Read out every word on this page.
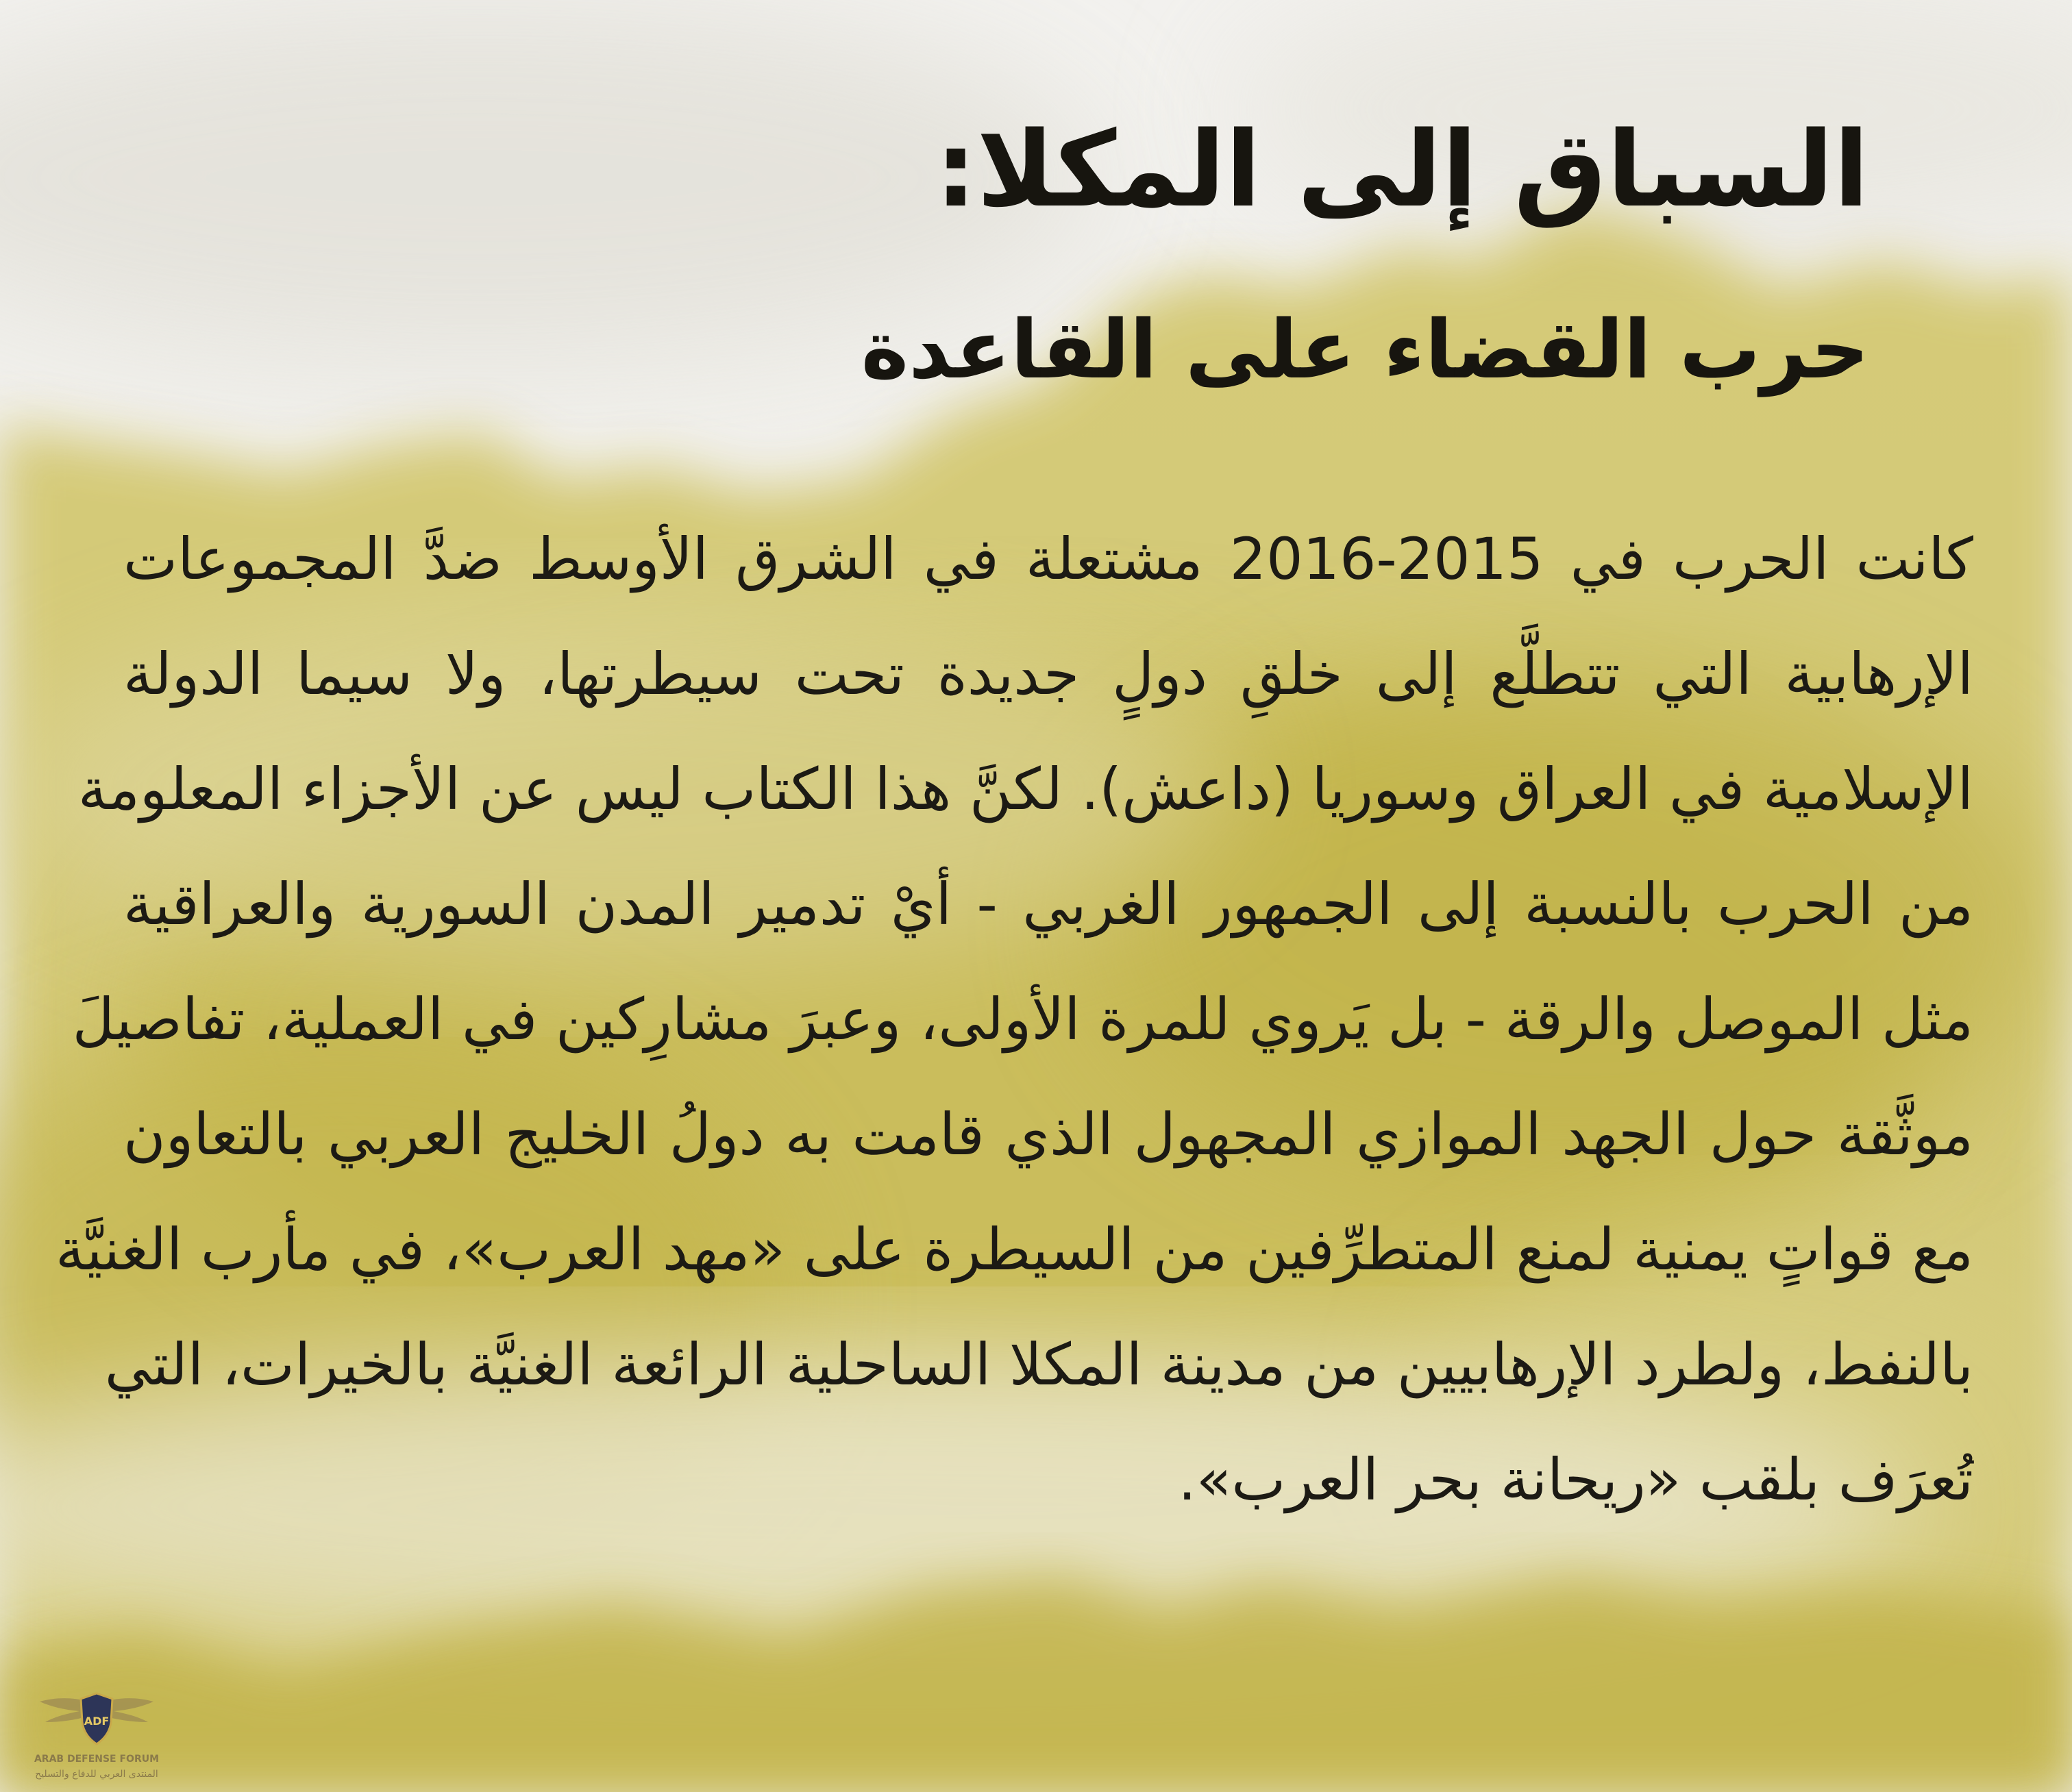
السباق إلى المكلا:
حرب القضاء على القاعدة
كانت الحرب في 2015-2016 مشتعلة في الشرق الأوسط ضدَّ المجموعات
الإرهابية التي تتطلَّع إلى خلقِ دولٍ جديدة تحت سيطرتها، ولا سيما الدولة
الإسلامية في العراق وسوريا (داعش). لكنَّ هذا الكتاب ليس عن الأجزاء المعلومة
من الحرب بالنسبة إلى الجمهور الغربي - أيْ تدمير المدن السورية والعراقية
مثل الموصل والرقة - بل يَروي للمرة الأولى، وعبرَ مشارِكين في العملية، تفاصيلَ
موثَّقة حول الجهد الموازي المجهول الذي قامت به دولُ الخليج العربي بالتعاون
مع قواتٍ يمنية لمنع المتطرِّفين من السيطرة على «مهد العرب»، في مأرب الغنيَّة
بالنفط، ولطرد الإرهابيين من مدينة المكلا الساحلية الرائعة الغنيَّة بالخيرات، التي
تُعرَف بلقب «ريحانة بحر العرب».
ADF
ARAB DEFENSE FORUM
المنتدى العربي للدفاع والتسليح
